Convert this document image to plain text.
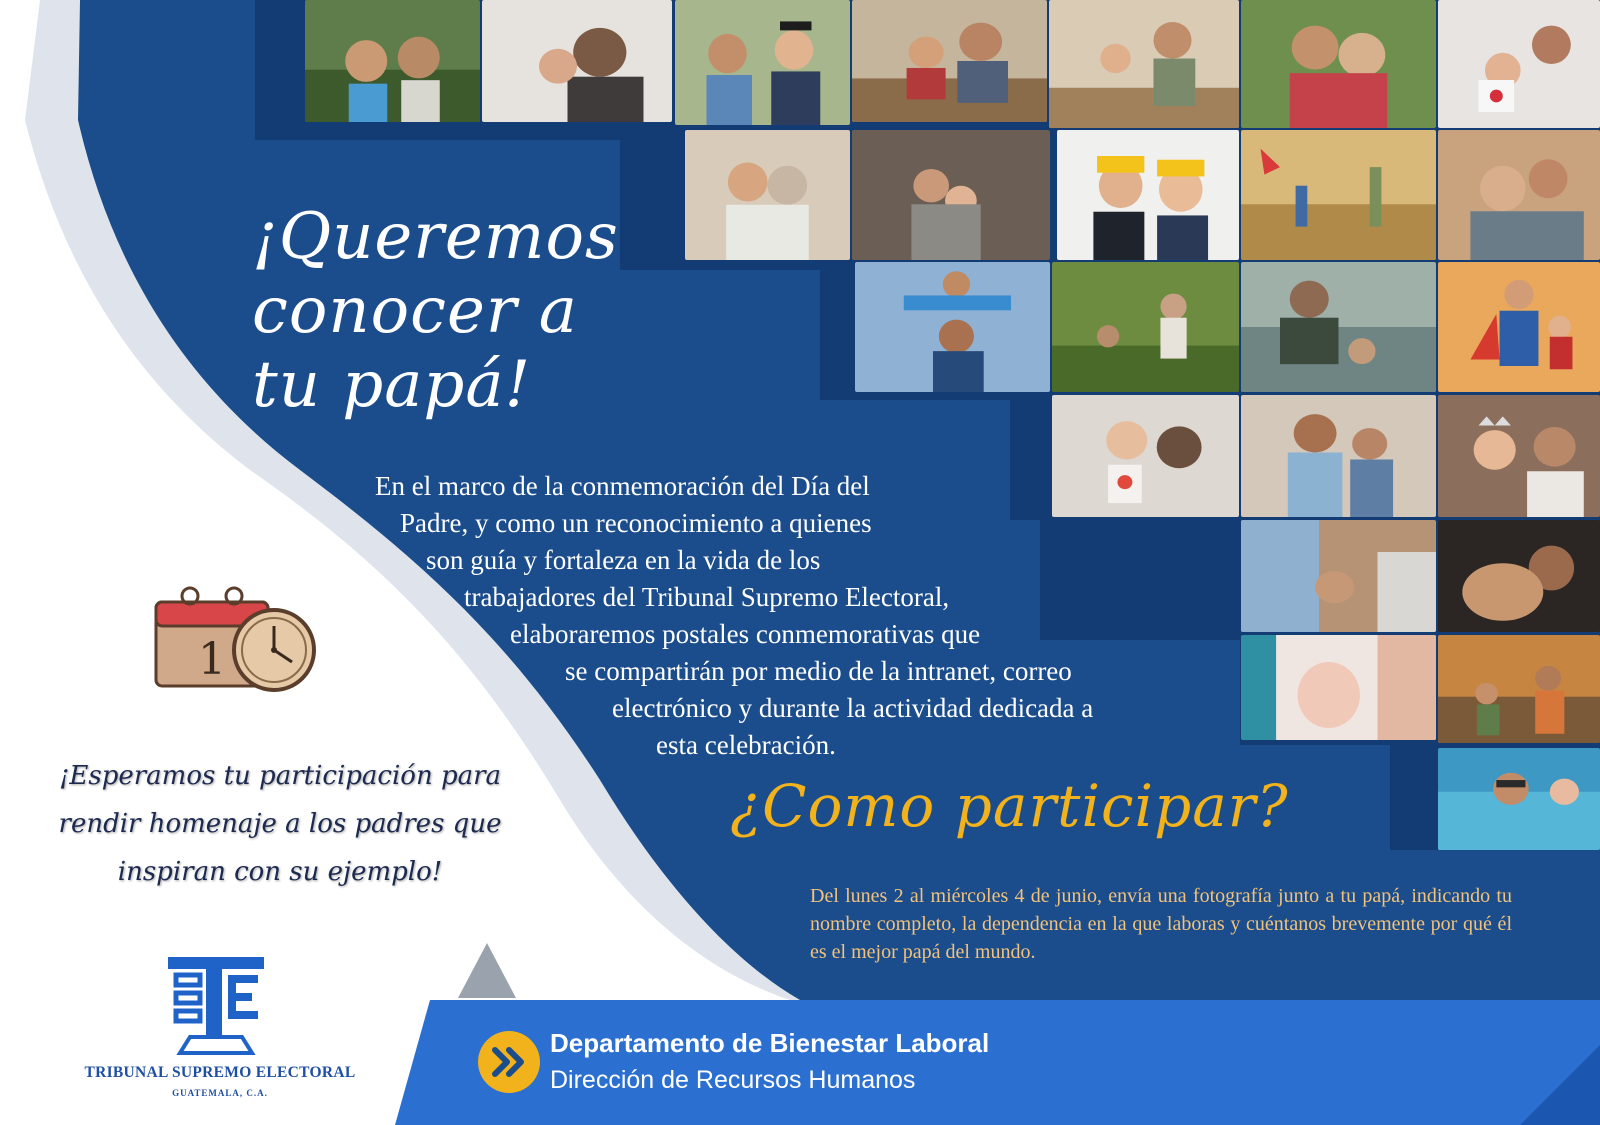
¡Queremos
conocer a
tu papá!
En el marco de la conmemoración del Día del
Padre, y como un reconocimiento a quienes
son guía y fortaleza en la vida de los
trabajadores del Tribunal Supremo Electoral,
elaboraremos postales conmemorativas que
se compartirán por medio de la intranet, correo
electrónico y durante la actividad dedicada a
esta celebración.
¿Como participar?
Del lunes 2 al miércoles 4 de junio, envía una fotografía junto a tu papá, indicando tu nombre completo, la dependencia en la que laboras y cuéntanos brevemente por qué él es el mejor papá del mundo.
1
¡Esperamos tu participación para
rendir homenaje a los padres que
inspiran con su ejemplo!
TRIBUNAL SUPREMO ELECTORAL
GUATEMALA, C.A.
Departamento de Bienestar Laboral
Dirección de Recursos Humanos
